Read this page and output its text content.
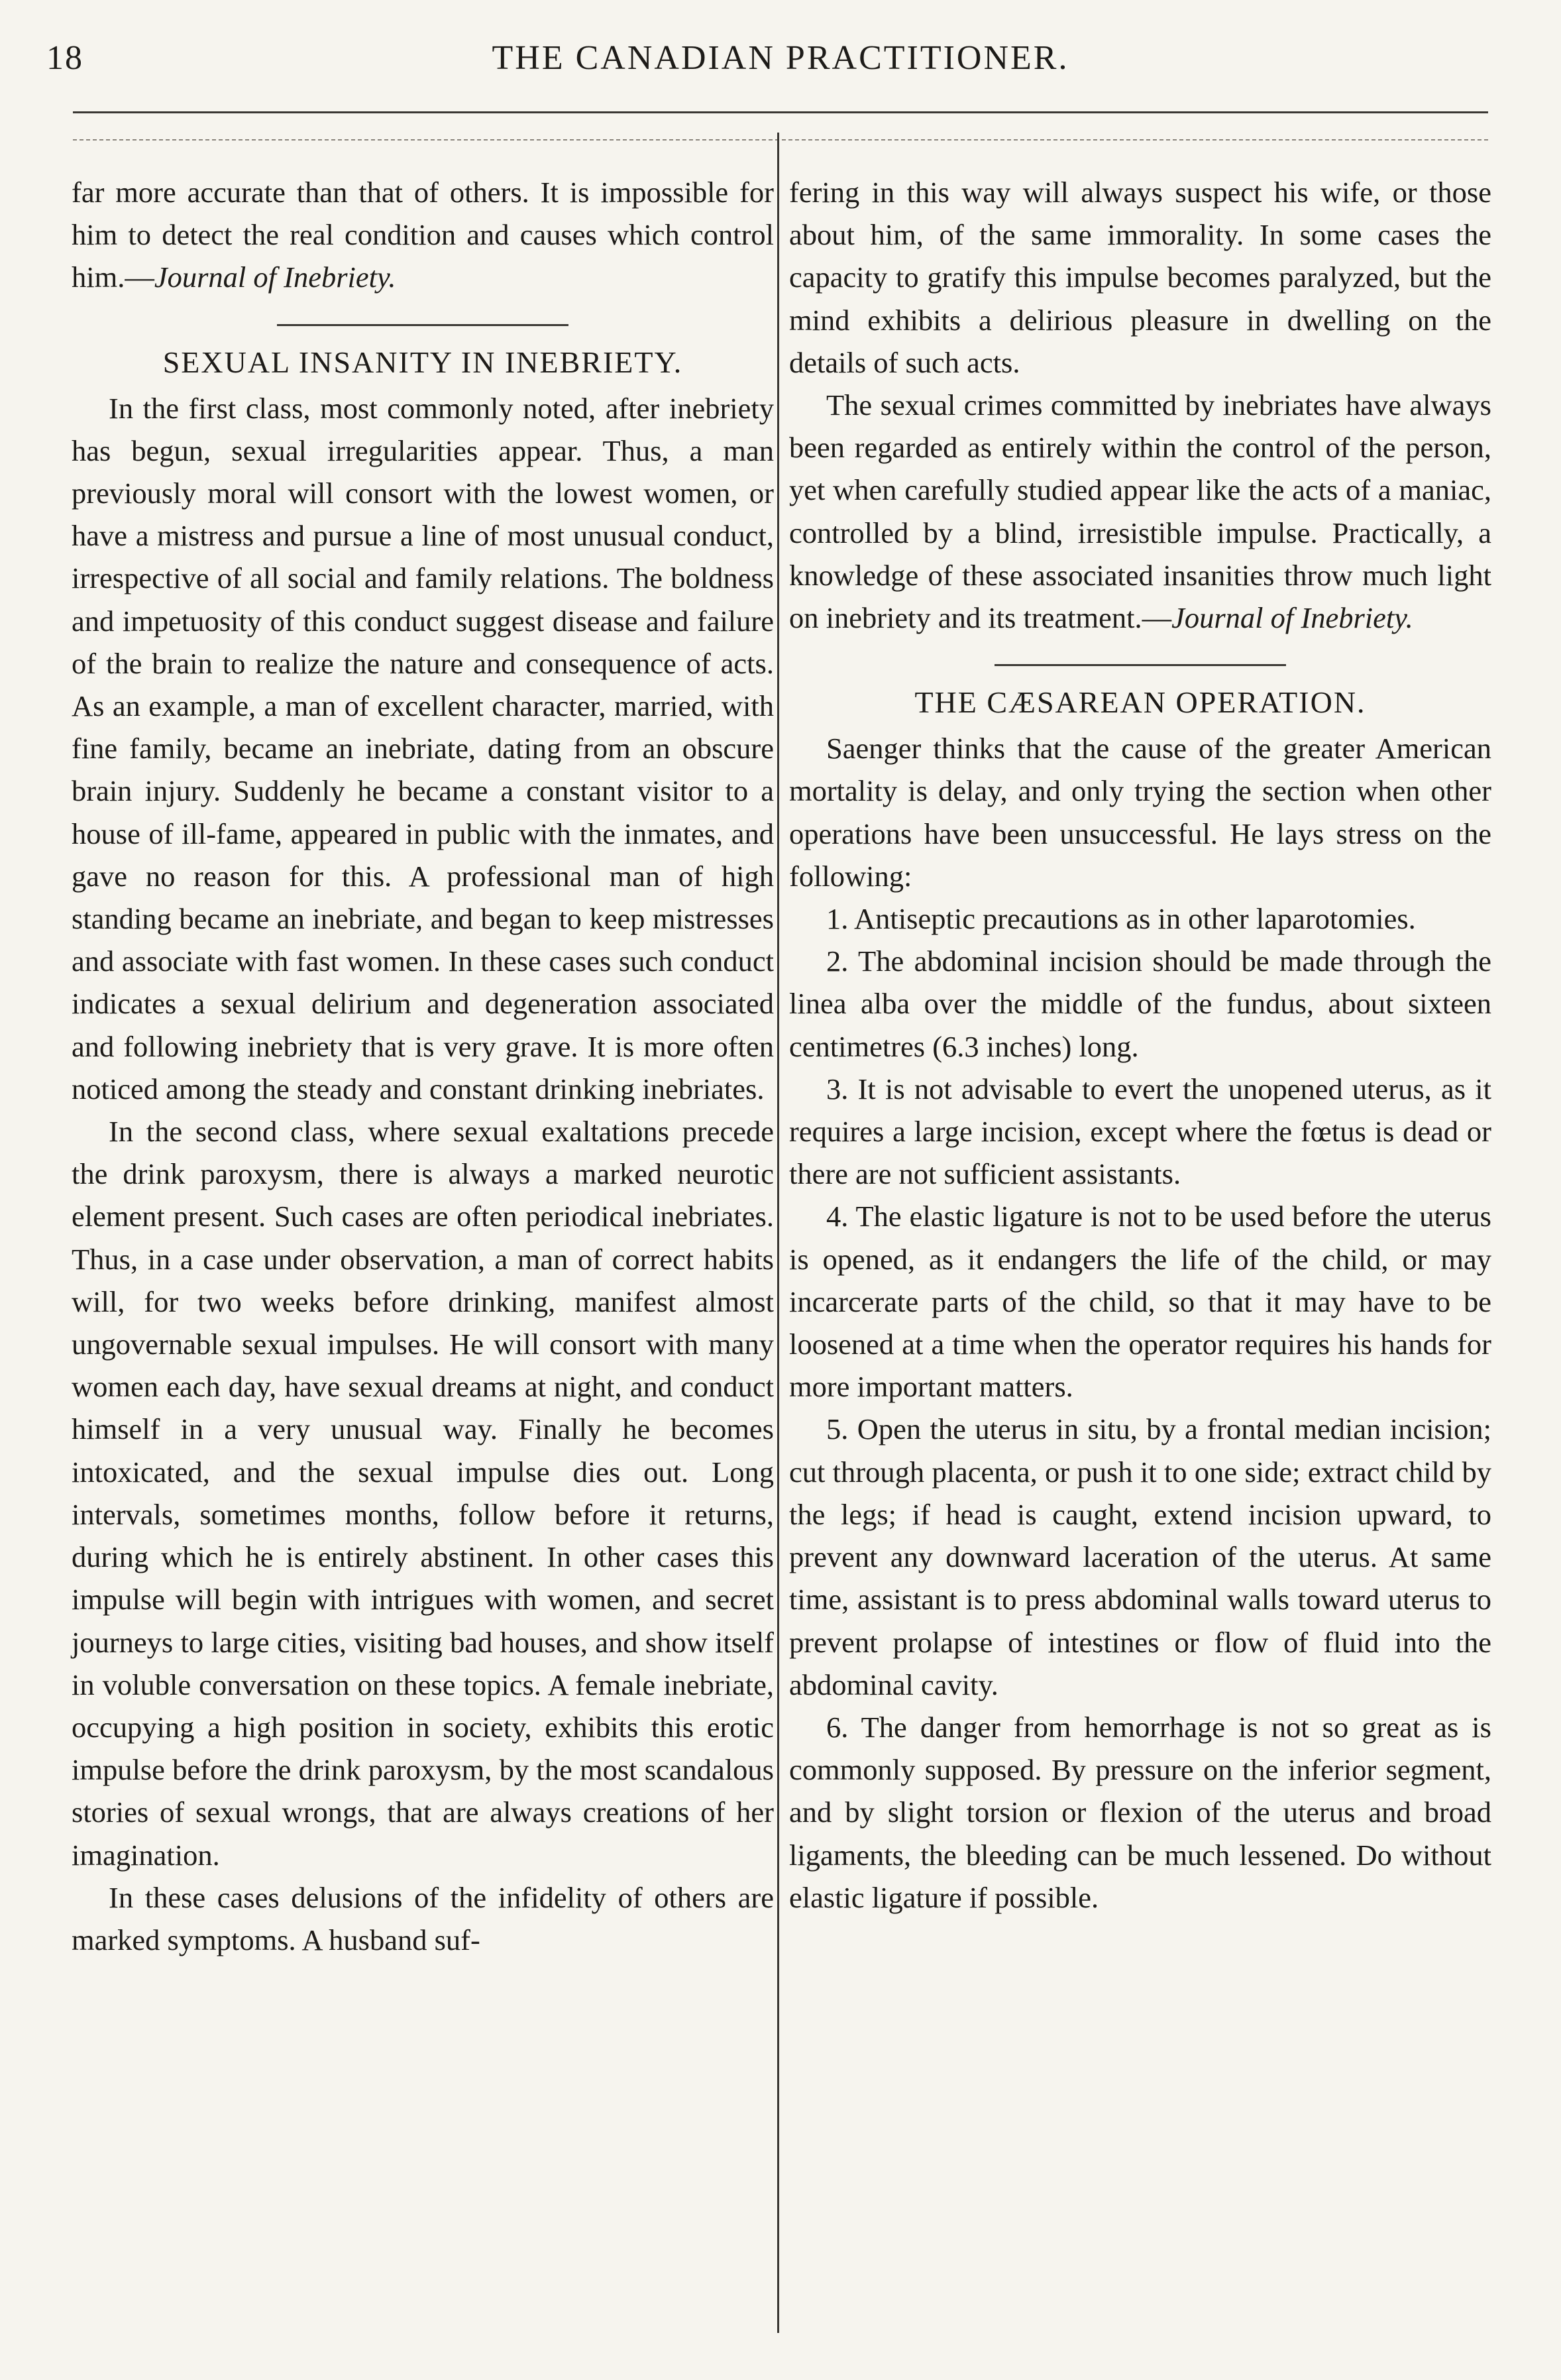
18	THE CANADIAN PRACTITIONER.

far more accurate than that of others. It is impossible for him to detect the real condition and causes which control him.—Journal of Inebriety.

SEXUAL INSANITY IN INEBRIETY.

In the first class, most commonly noted, after inebriety has begun, sexual irregularities appear. Thus, a man previously moral will consort with the lowest women, or have a mistress and pursue a line of most unusual conduct, irrespective of all social and family relations. The boldness and impetuosity of this conduct suggest disease and failure of the brain to realize the nature and consequence of acts. As an example, a man of excellent character, married, with fine family, became an inebriate, dating from an obscure brain injury. Suddenly he became a constant visitor to a house of ill-fame, appeared in public with the inmates, and gave no reason for this. A professional man of high standing became an inebriate, and began to keep mistresses and associate with fast women. In these cases such conduct indicates a sexual delirium and degeneration associated and following inebriety that is very grave. It is more often noticed among the steady and constant drinking inebriates.

In the second class, where sexual exaltations precede the drink paroxysm, there is always a marked neurotic element present. Such cases are often periodical inebriates. Thus, in a case under observation, a man of correct habits will, for two weeks before drinking, manifest almost ungovernable sexual impulses. He will consort with many women each day, have sexual dreams at night, and conduct himself in a very unusual way. Finally he becomes intoxicated, and the sexual impulse dies out. Long intervals, sometimes months, follow before it returns, during which he is entirely abstinent. In other cases this impulse will begin with intrigues with women, and secret journeys to large cities, visiting bad houses, and show itself in voluble conversation on these topics. A female inebriate, occupying a high position in society, exhibits this erotic impulse before the drink paroxysm, by the most scandalous stories of sexual wrongs, that are always creations of her imagination.

In these cases delusions of the infidelity of others are marked symptoms. A husband suf-

fering in this way will always suspect his wife, or those about him, of the same immorality. In some cases the capacity to gratify this impulse becomes paralyzed, but the mind exhibits a delirious pleasure in dwelling on the details of such acts.

The sexual crimes committed by inebriates have always been regarded as entirely within the control of the person, yet when carefully studied appear like the acts of a maniac, controlled by a blind, irresistible impulse. Practically, a knowledge of these associated insanities throw much light on inebriety and its treatment.—Journal of Inebriety.

THE CÆSAREAN OPERATION.

Saenger thinks that the cause of the greater American mortality is delay, and only trying the section when other operations have been unsuccessful. He lays stress on the following:

1. Antiseptic precautions as in other laparotomies.

2. The abdominal incision should be made through the linea alba over the middle of the fundus, about sixteen centimetres (6.3 inches) long.

3. It is not advisable to evert the unopened uterus, as it requires a large incision, except where the fœtus is dead or there are not sufficient assistants.

4. The elastic ligature is not to be used before the uterus is opened, as it endangers the life of the child, or may incarcerate parts of the child, so that it may have to be loosened at a time when the operator requires his hands for more important matters.

5. Open the uterus in situ, by a frontal median incision; cut through placenta, or push it to one side; extract child by the legs; if head is caught, extend incision upward, to prevent any downward laceration of the uterus. At same time, assistant is to press abdominal walls toward uterus to prevent prolapse of intestines or flow of fluid into the abdominal cavity.

6. The danger from hemorrhage is not so great as is commonly supposed. By pressure on the inferior segment, and by slight torsion or flexion of the uterus and broad ligaments, the bleeding can be much lessened. Do without elastic ligature if possible.
